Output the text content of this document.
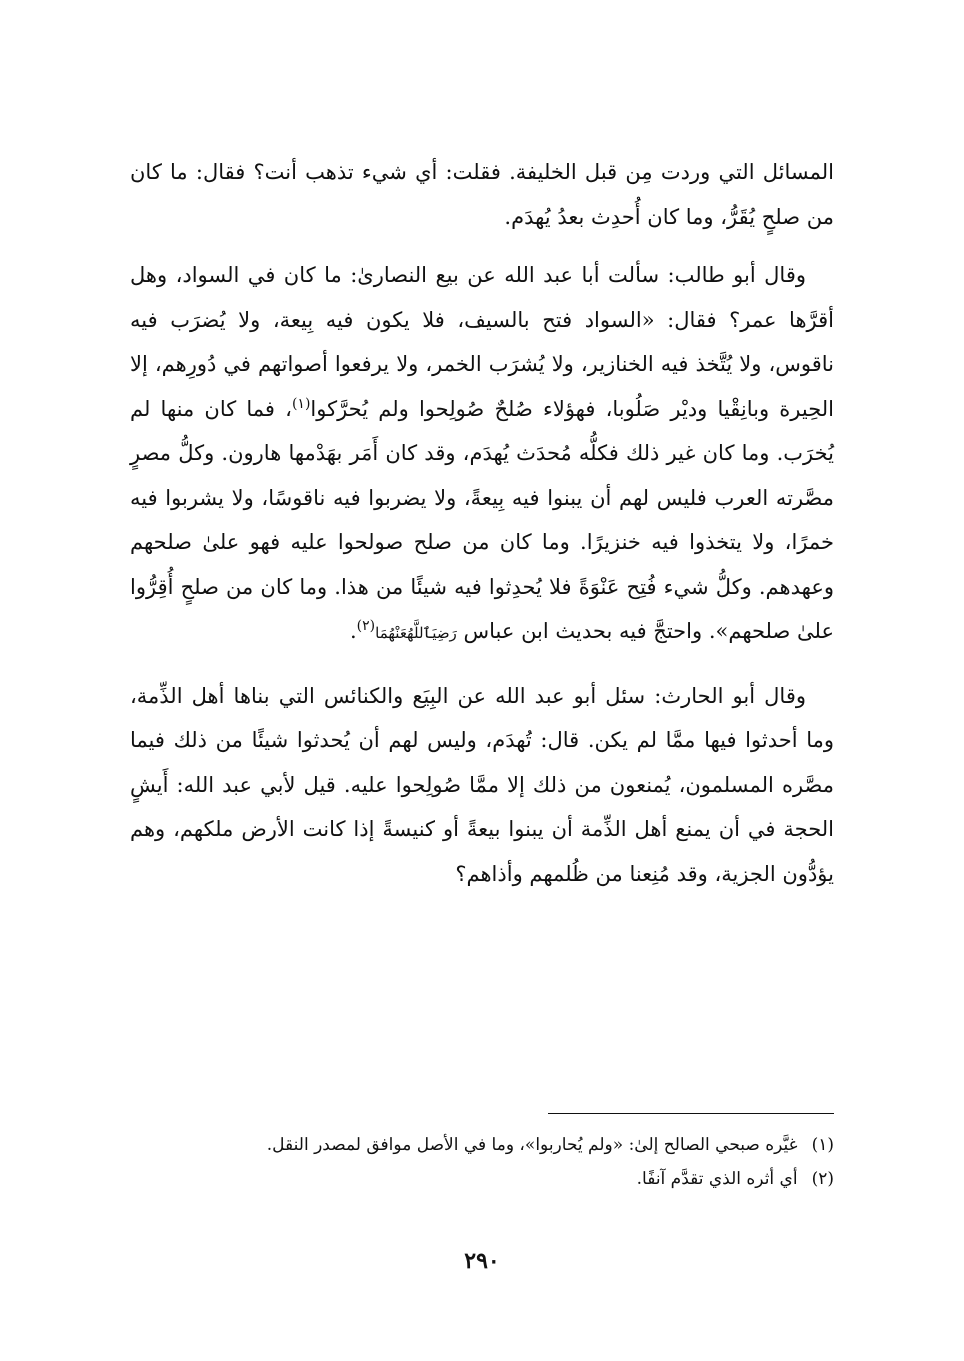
المسائل التي وردت مِن قبل الخليفة. فقلت: أي شيء تذهب أنت؟ فقال: ما كان من صلحٍ يُقَرُّ، وما كان أُحدِث بعدُ يُهدَم.

وقال أبو طالب: سألت أبا عبد الله عن بيع النصارىٰ: ما كان في السواد، وهل أقرَّها عمر؟ فقال: «السواد فتح بالسيف، فلا يكون فيه بِيعة، ولا يُضرَب فيه ناقوس، ولا يُتَّخذ فيه الخنازير، ولا يُشرَب الخمر، ولا يرفعوا أصواتهم في دُورِهم، إلا الحِيرة وبانِقْيا وديْر صَلُوبا، فهؤلاء صُلحٌ صُولِحوا ولم يُحرَّكوا$^{(١)}$، فما كان منها لم يُخرَب. وما كان غير ذلك فكلُّه مُحدَث يُهدَم، وقد كان أَمَر بهَدْمها هارون. وكلُّ مصرٍ مصَّرته العرب فليس لهم أن يبنوا فيه بِيعةً، ولا يضربوا فيه ناقوسًا، ولا يشربوا فيه خمرًا، ولا يتخذوا فيه خنزيرًا. وما كان من صلح صولحوا عليه فهو علىٰ صلحهم وعهدهم. وكلُّ شيء فُتِح عَنْوَةً فلا يُحدِثوا فيه شيئًا من هذا. وما كان من صلحٍ أُقِرُّوا علىٰ صلحهم». واحتجَّ فيه بحديث ابن عباس رَضِيَٱللَّهُعَنْهُمَا$^{(٢)}$.

وقال أبو الحارث: سئل أبو عبد الله عن البِيَع والكنائس التي بناها أهل الذِّمة، وما أحدثوا فيها ممَّا لم يكن. قال: تُهدَم، وليس لهم أن يُحدثوا شيئًا من ذلك فيما مصَّره المسلمون، يُمنعون من ذلك إلا ممَّا صُولِحوا عليه. قيل لأبي عبد الله: أَيشٍ الحجة في أن يمنع أهل الذِّمة أن يبنوا بيعةً أو كنيسةً إذا كانت الأرض ملكهم، وهم يؤدُّون الجزية، وقد مُنِعنا من ظُلمهم وأذاهم؟

(١)غيَّره صبحي الصالح إلىٰ: «ولم يُحاربوا»، وما في الأصل موافق لمصدر النقل.

(٢)أي أثره الذي تقدَّم آنفًا.

٢٩٠
